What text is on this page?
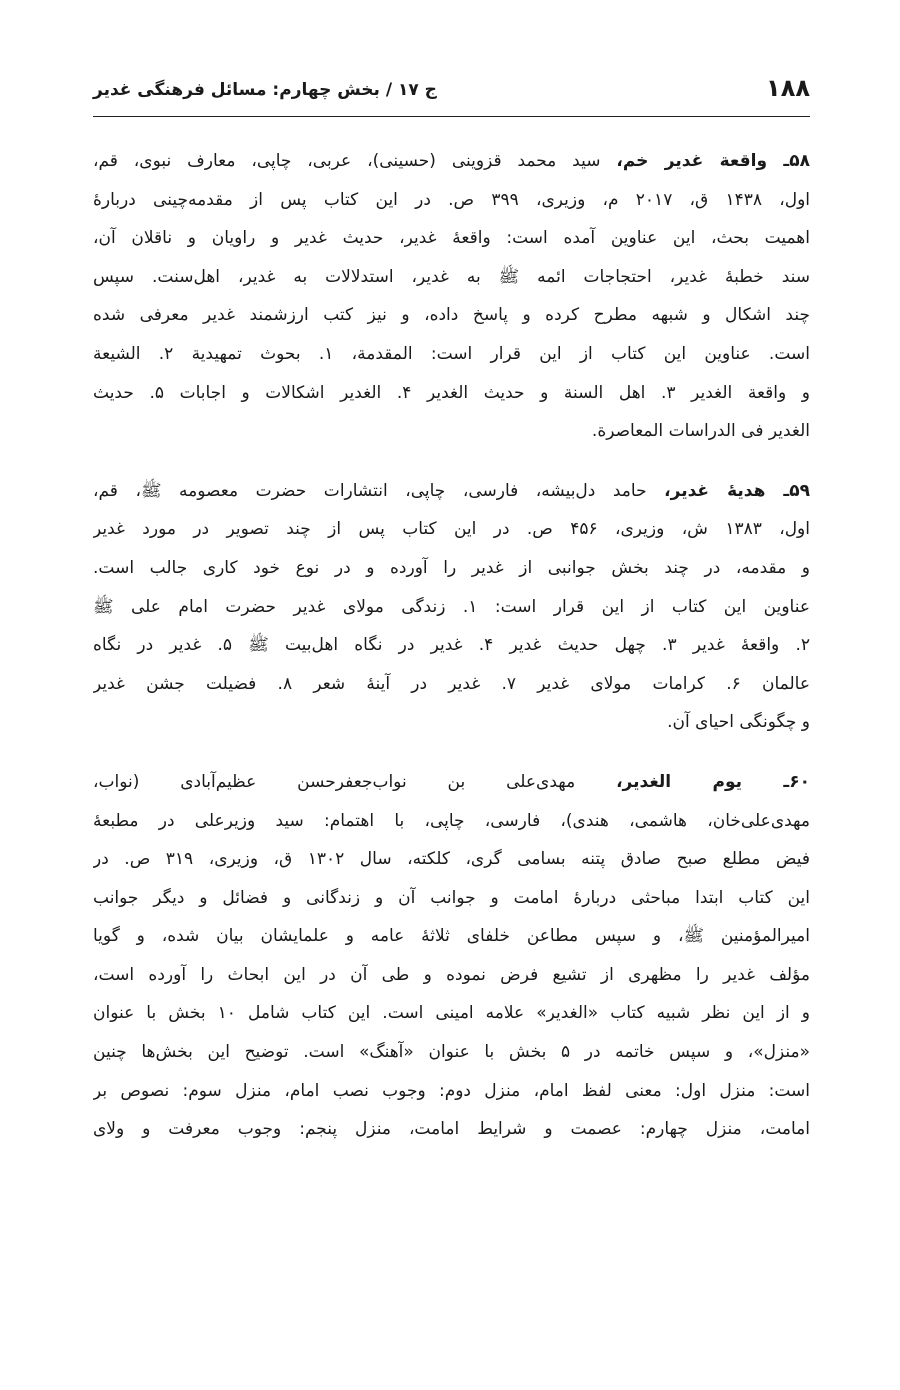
۱۸۸
ج ۱۷ / بخش چهارم: مسائل فرهنگی غدیر
۵۸ـ واقعة غدیر خم، سید محمد قزوینی (حسینی)، عربی، چاپی، معارف نبوی، قم،
اول، ۱۴۳۸ ق، ۲۰۱۷ م، وزیری، ۳۹۹ ص. در این کتاب پس از مقدمه‌چینی دربارهٔ
اهمیت بحث، این عناوین آمده است: واقعهٔ غدیر، حدیث غدیر و راویان و ناقلان آن،
سند خطبهٔ غدیر، احتجاجات ائمه ﷺ به غدیر، استدلالات به غدیر، اهل‌سنت. سپس
چند اشکال و شبهه مطرح کرده و پاسخ داده، و نیز کتب ارزشمند غدیر معرفی شده
است. عناوین این کتاب از این قرار است: المقدمة، ۱. بحوث تمهیدیة ۲. الشیعة
و واقعة الغدیر ۳. اهل السنة و حدیث الغدیر ۴. الغدیر اشکالات و اجابات ۵. حدیث
الغدیر فی الدراسات المعاصرة.
۵۹ـ هدیهٔ غدیر، حامد دل‌بیشه، فارسی، چاپی، انتشارات حضرت معصومه ﷺ، قم،
اول، ۱۳۸۳ ش، وزیری، ۴۵۶ ص. در این کتاب پس از چند تصویر در مورد غدیر
و مقدمه، در چند بخش جوانبی از غدیر را آورده و در نوع خود کاری جالب است.
عناوین این کتاب از این قرار است: ۱. زندگی مولای غدیر حضرت امام علی ﷺ
۲. واقعهٔ غدیر ۳. چهل حدیث غدیر ۴. غدیر در نگاه اهل‌بیت ﷺ ۵. غدیر در نگاه
عالمان ۶. کرامات مولای غدیر ۷. غدیر در آینهٔ شعر ۸. فضیلت جشن غدیر
و چگونگی احیای آن.
۶۰ـ یوم الغدیر، مهدی‌علی بن نواب‌جعفرحسن عظیم‌آبادی (نواب،
مهدی‌علی‌خان، هاشمی، هندی)، فارسی، چاپی، با اهتمام: سید وزیرعلی در مطبعهٔ
فیض مطلع صبح صادق پتنه بسامی گری، کلکته، سال ۱۳۰۲ ق، وزیری، ۳۱۹ ص. در
این کتاب ابتدا مباحثی دربارهٔ امامت و جوانب آن و زندگانی و فضائل و دیگر جوانب
امیرالمؤمنین ﷺ، و سپس مطاعن خلفای ثلاثهٔ عامه و علمایشان بیان شده، و گویا
مؤلف غدیر را مظهری از تشیع فرض نموده و طی آن در این ابحاث را آورده است،
و از این نظر شبیه کتاب «الغدیر» علامه امینی است. این کتاب شامل ۱۰ بخش با عنوان
«منزل»، و سپس خاتمه در ۵ بخش با عنوان «آهنگ» است. توضیح این بخش‌ها چنین
است: منزل اول: معنی لفظ امام، منزل دوم: وجوب نصب امام، منزل سوم: نصوص بر
امامت، منزل چهارم: عصمت و شرایط امامت، منزل پنجم: وجوب معرفت و ولای
